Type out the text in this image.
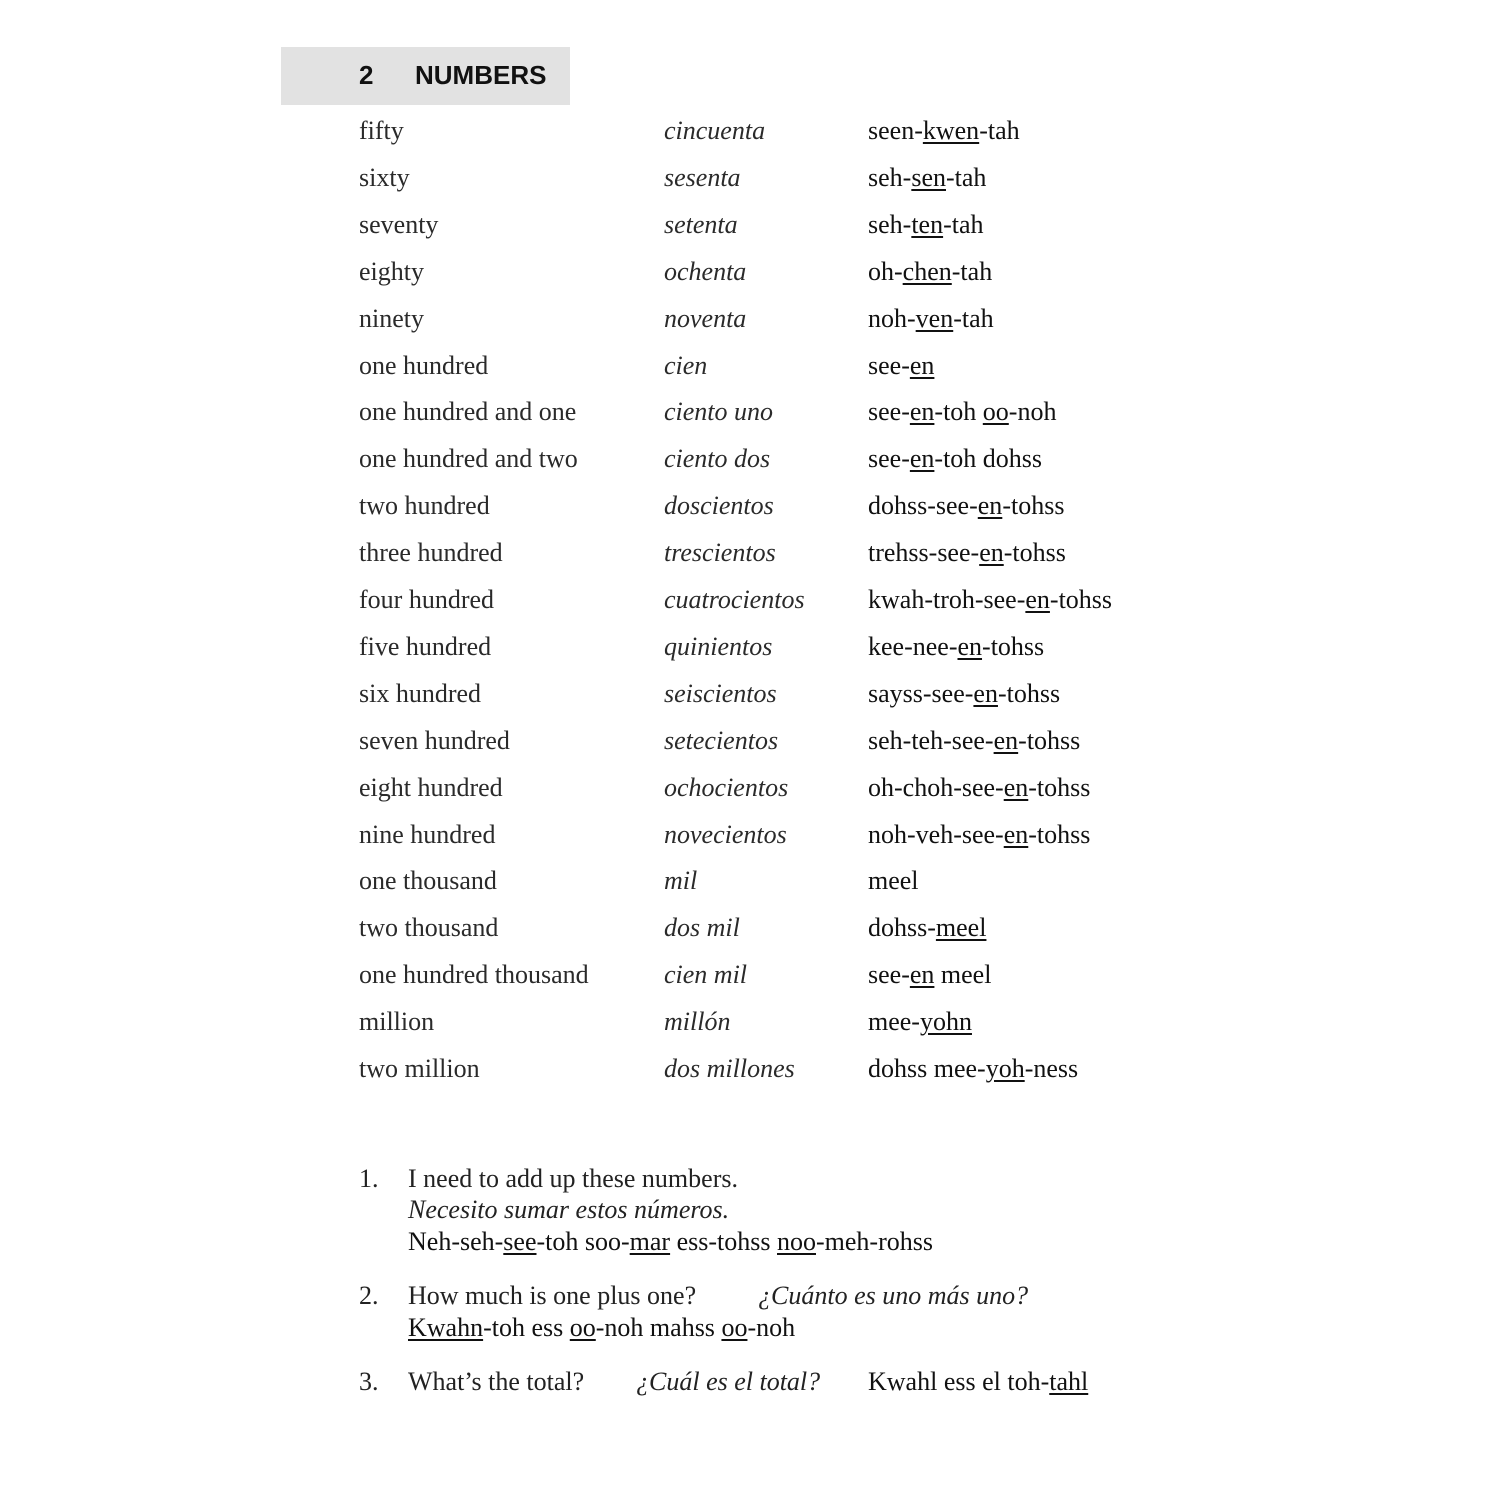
2 NUMBERS
fifty	cincuenta	seen-kwen-tah
sixty	sesenta	seh-sen-tah
seventy	setenta	seh-ten-tah
eighty	ochenta	oh-chen-tah
ninety	noventa	noh-ven-tah
one hundred	cien	see-en
one hundred and one	ciento uno	see-en-toh oo-noh
one hundred and two	ciento dos	see-en-toh dohss
two hundred	doscientos	dohss-see-en-tohss
three hundred	trescientos	trehss-see-en-tohss
four hundred	cuatrocientos kwah-troh-see-en-tohss
five hundred	quinientos	kee-nee-en-tohss
six hundred	seiscientos	sayss-see-en-tohss
seven hundred	setecientos	seh-teh-see-en-tohss
eight hundred	ochocientos	oh-choh-see-en-tohss
nine hundred	novecientos	noh-veh-see-en-tohss
one thousand	mil	meel
two thousand	dos mil	dohss-meel
one hundred thousand	cien mil	see-en meel
million	millón	mee-yohn
two million	dos millones	dohss mee-yoh-ness
1. I need to add up these numbers.
Necesito sumar estos números.
Neh-seh-see-toh soo-mar ess-tohss noo-meh-rohss
2. How much is one plus one? ¿Cuánto es uno más uno?
Kwahn-toh ess oo-noh mahss oo-noh
3. What’s the total? ¿Cuál es el total? Kwahl ess el toh-tahl
